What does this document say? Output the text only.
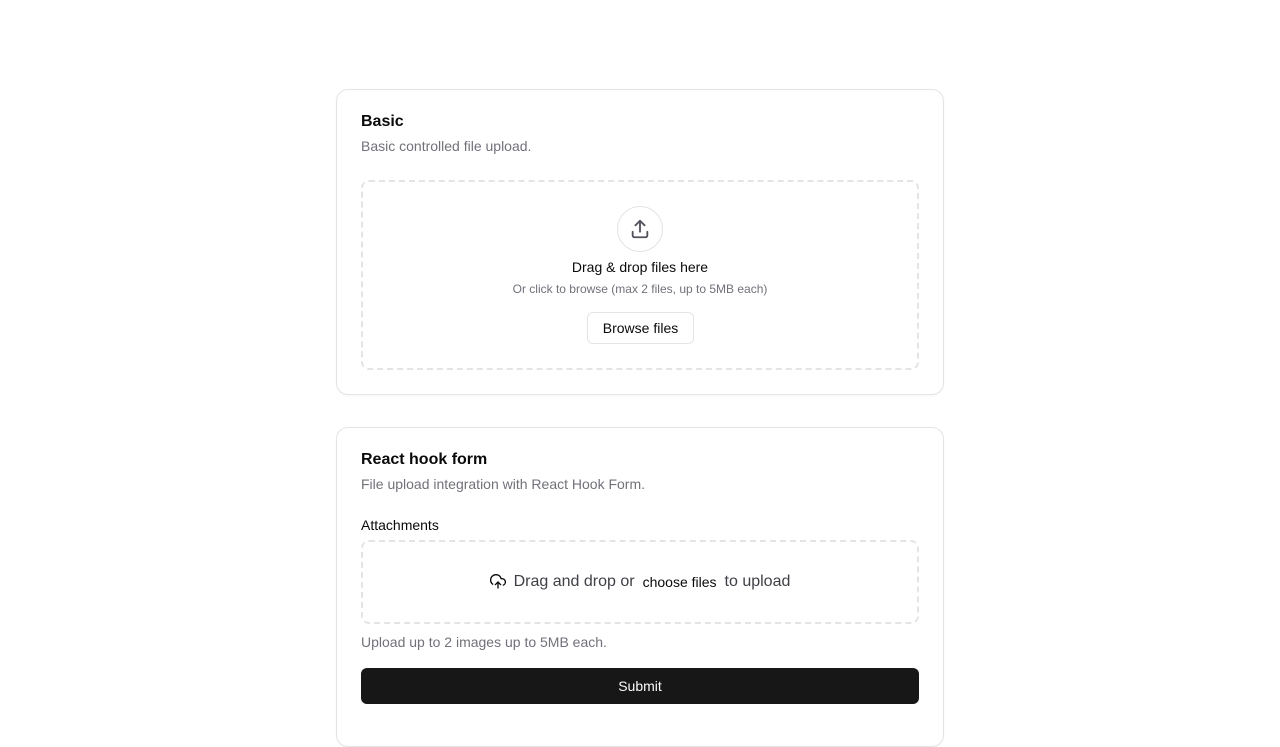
Basic
Basic controlled file upload.
Drag & drop files here
Or click to browse (max 2 files, up to 5MB each)
Browse files
React hook form
File upload integration with React Hook Form.
Attachments
Drag and drop or choose files to upload
Upload up to 2 images up to 5MB each.
Submit
